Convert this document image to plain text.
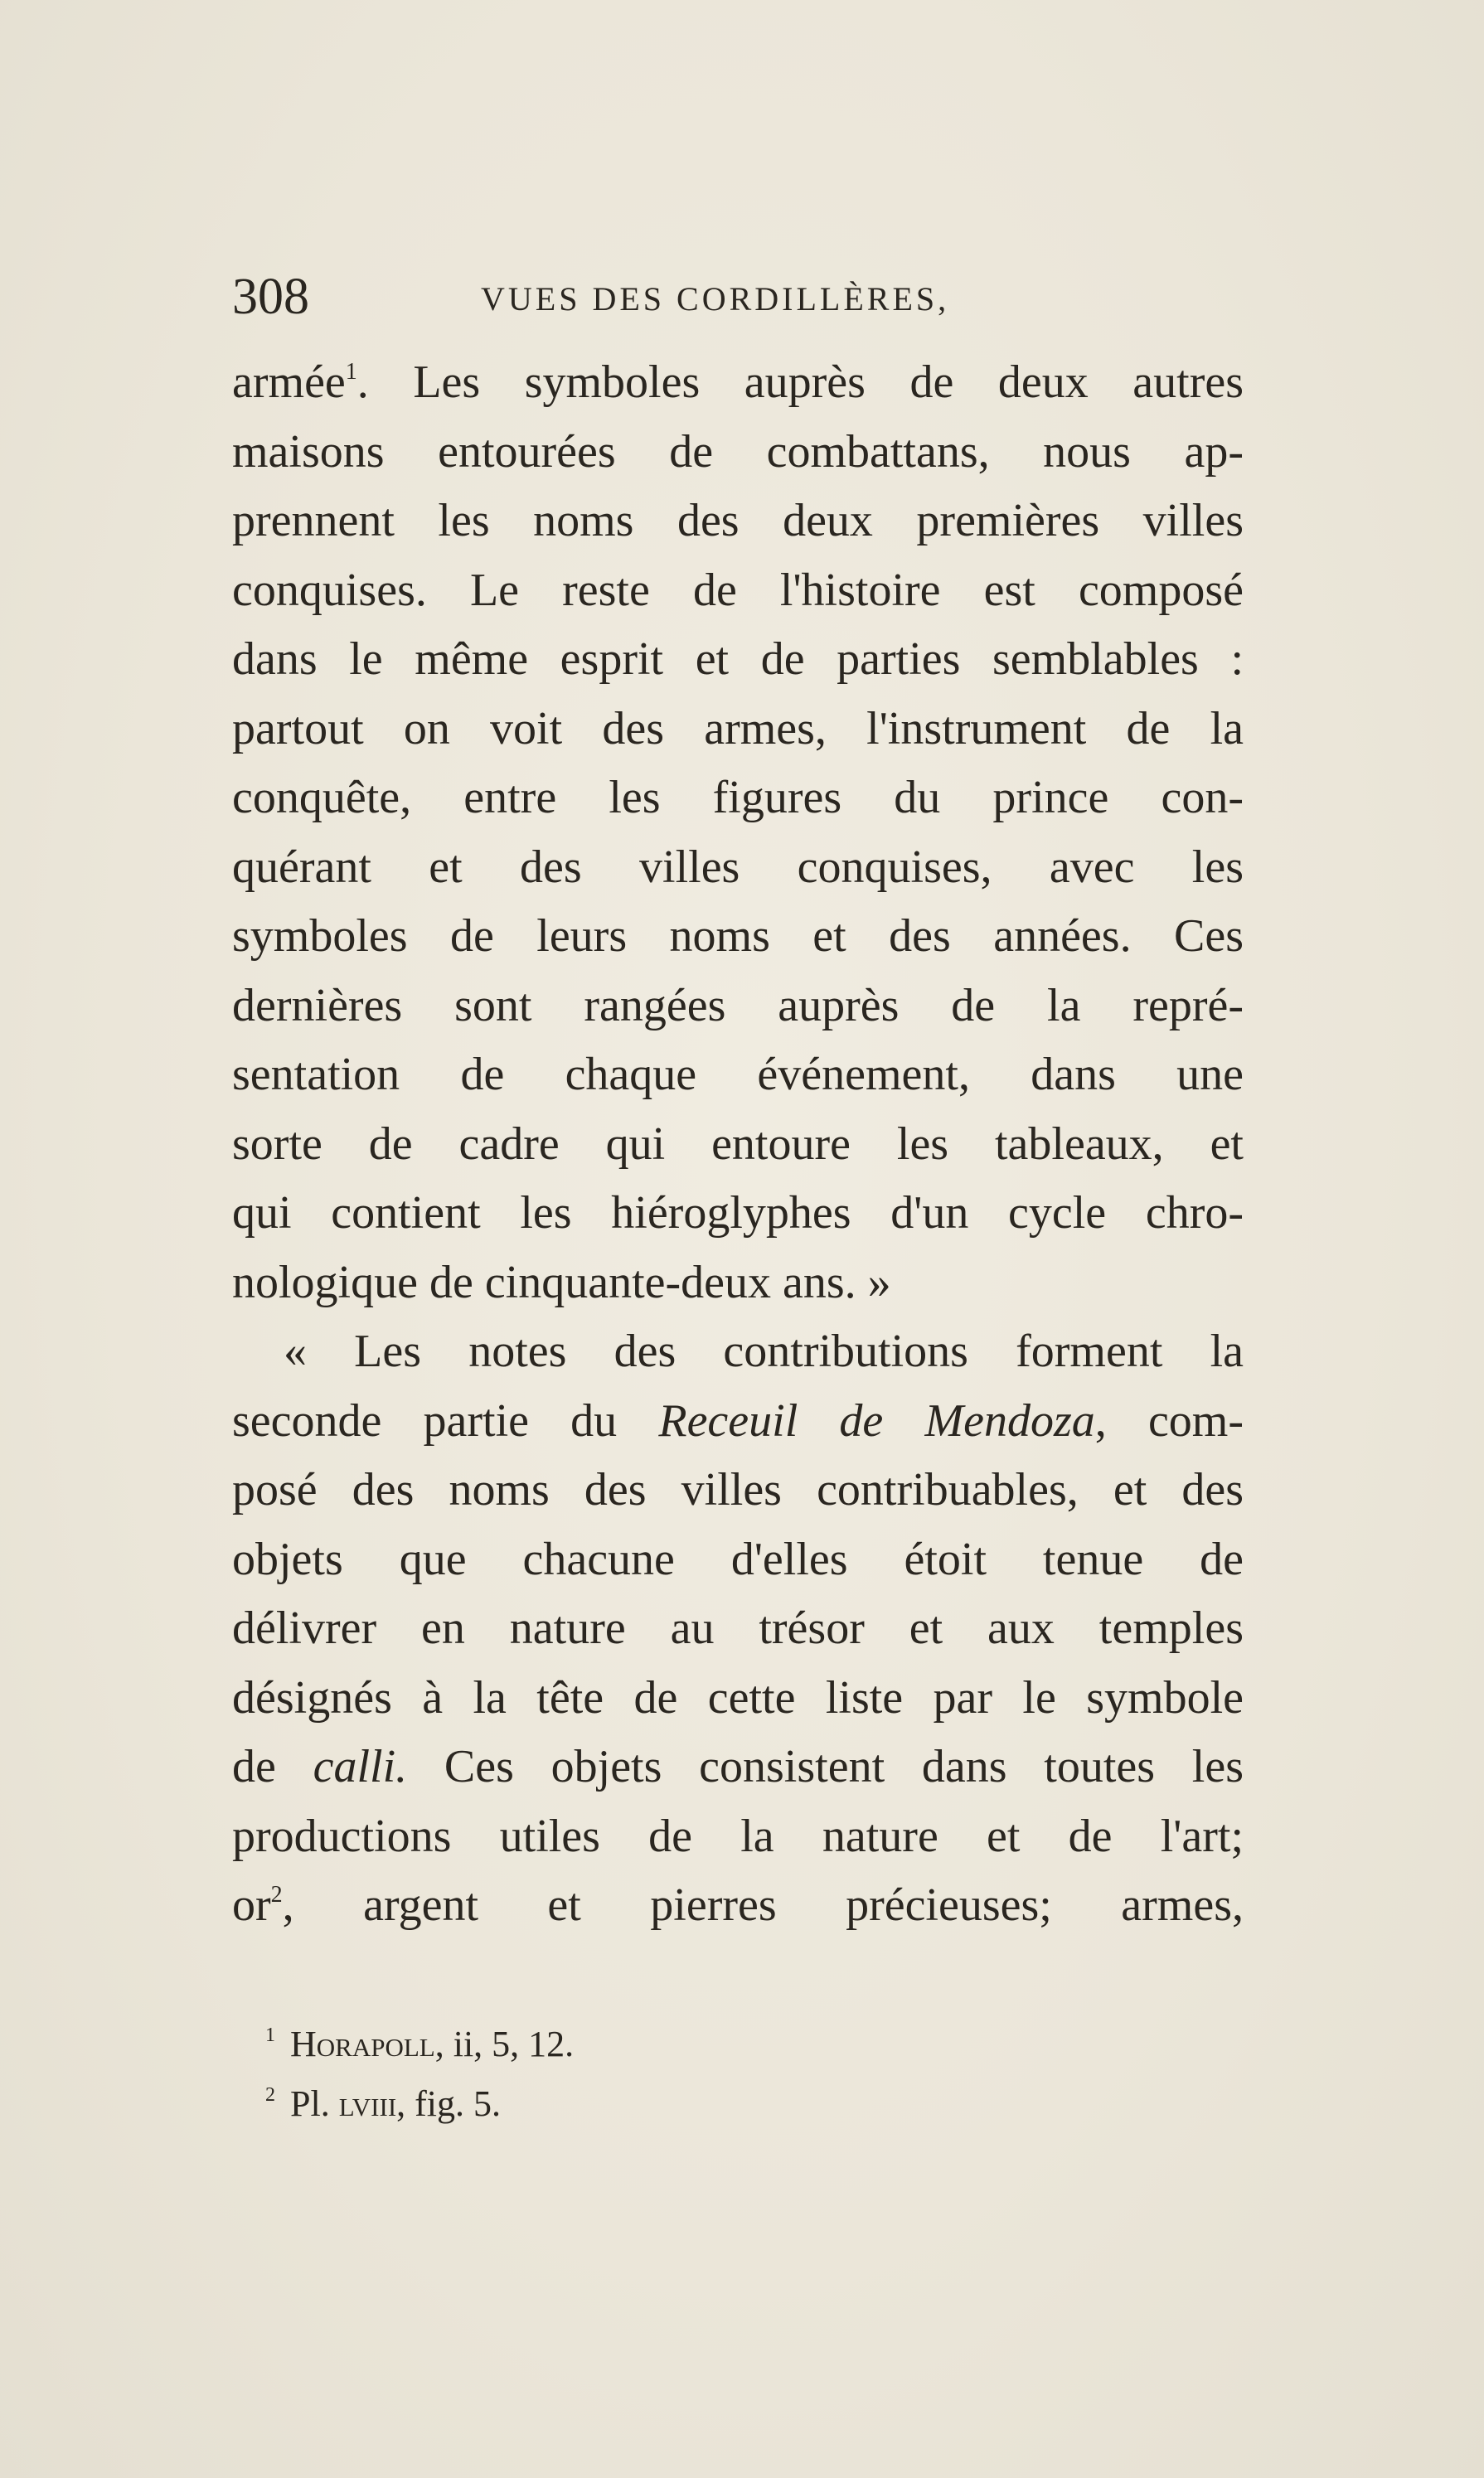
308	VUES DES CORDILLÈRES,
armée$^1$. Les symboles auprès de deux autres
maisons entourées de combattans, nous ap-
prennent les noms des deux premières villes
conquises. Le reste de l'histoire est composé
dans le même esprit et de parties semblables :
partout on voit des armes, l'instrument de la
conquête, entre les figures du prince con-
quérant et des villes conquises, avec les
symboles de leurs noms et des années. Ces
dernières sont rangées auprès de la repré-
sentation de chaque événement, dans une
sorte de cadre qui entoure les tableaux, et
qui contient les hiéroglyphes d'un cycle chro-
nologique de cinquante-deux ans. »
« Les notes des contributions forment la
seconde partie du Receuil de Mendoza, com-
posé des noms des villes contribuables, et des
objets que chacune d'elles étoit tenue de
délivrer en nature au trésor et aux temples
désignés à la tête de cette liste par le symbole
de calli. Ces objets consistent dans toutes les
productions utiles de la nature et de l'art;
$or^2$, argent et pierres précieuses; armes,
$^1$ Horapoll, ii, 5, 12.
$^2$ Pl. lviii, fig. 5.
